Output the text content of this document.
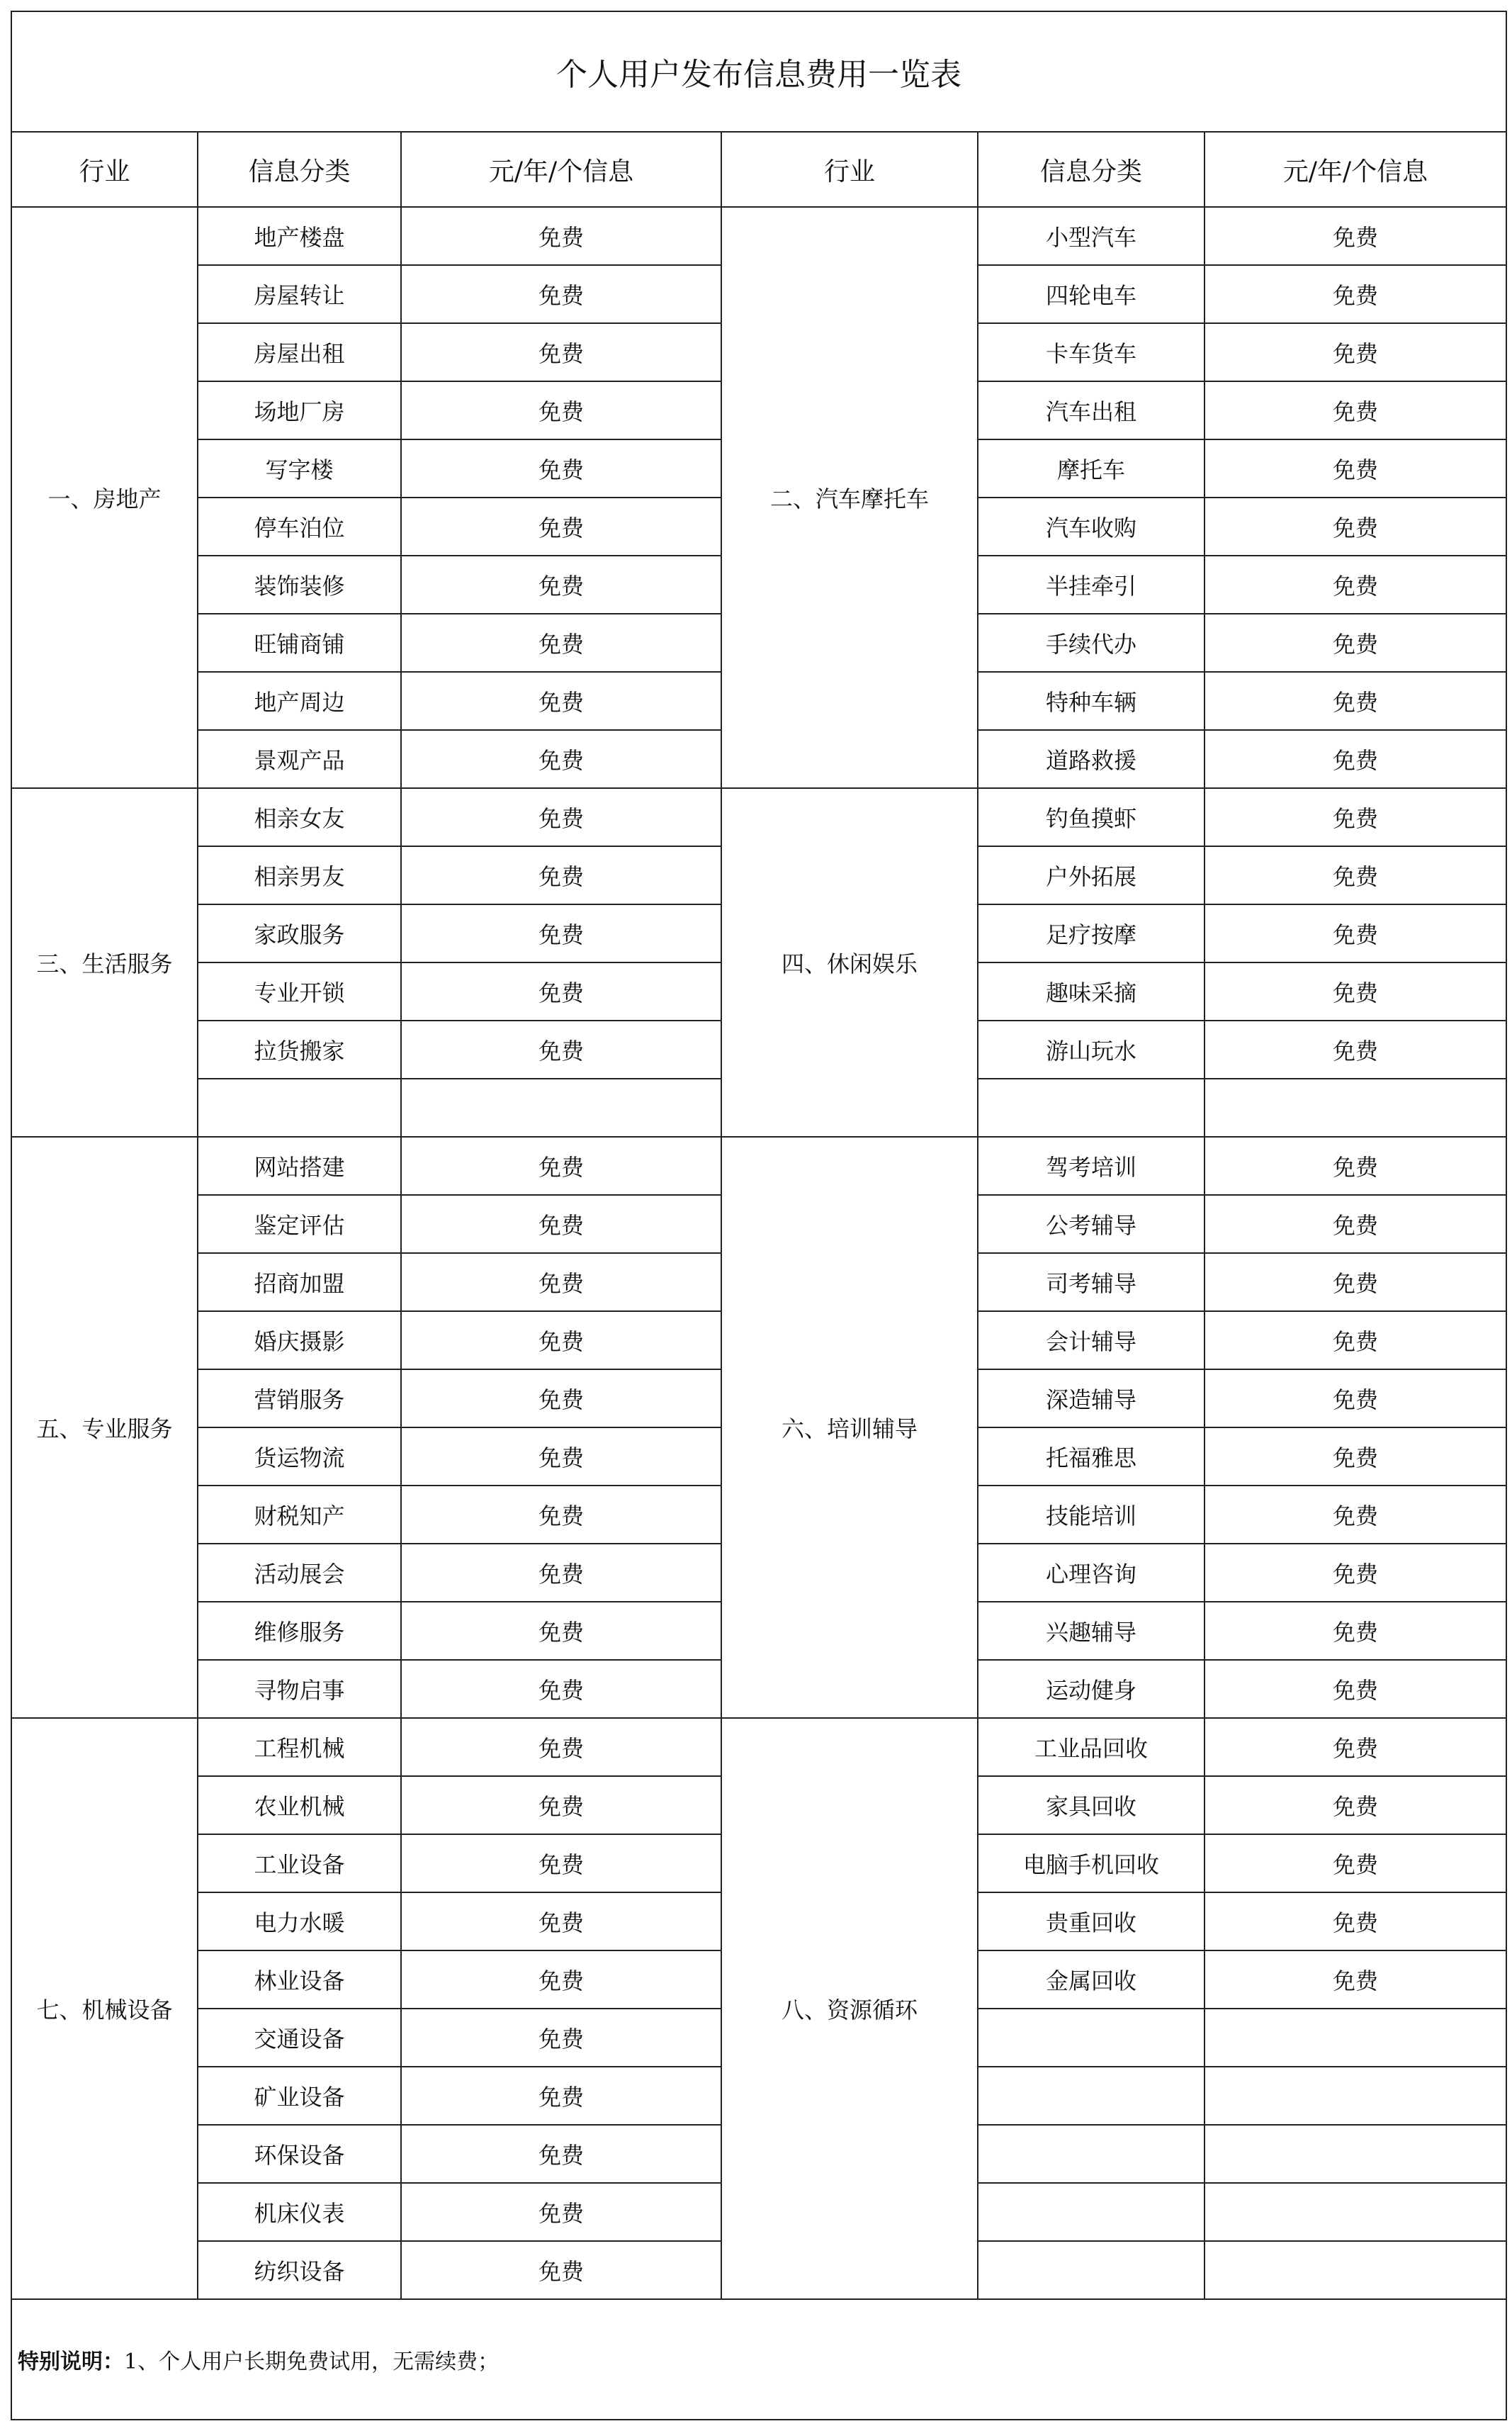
个人用户发布信息费用一览表					
行业	信息分类	元/年/个信息	行业	信息分类	元/年/个信息
一、房地产	地产楼盘	免费	二、汽车摩托车	小型汽车	免费
	房屋转让	免费		四轮电车	免费
	房屋出租	免费		卡车货车	免费
	场地厂房	免费		汽车出租	免费
	写字楼	免费		摩托车	免费
	停车泊位	免费		汽车收购	免费
	装饰装修	免费		半挂牵引	免费
	旺铺商铺	免费		手续代办	免费
	地产周边	免费		特种车辆	免费
	景观产品	免费		道路救援	免费
三、生活服务	相亲女友	免费	四、休闲娱乐	钓鱼摸虾	免费
	相亲男友	免费		户外拓展	免费
	家政服务	免费		足疗按摩	免费
	专业开锁	免费		趣味采摘	免费
	拉货搬家	免费		游山玩水	免费

五、专业服务	网站搭建	免费	六、培训辅导	驾考培训	免费
	鉴定评估	免费		公考辅导	免费
	招商加盟	免费		司考辅导	免费
	婚庆摄影	免费		会计辅导	免费
	营销服务	免费		深造辅导	免费
	货运物流	免费		托福雅思	免费
	财税知产	免费		技能培训	免费
	活动展会	免费		心理咨询	免费
	维修服务	免费		兴趣辅导	免费
	寻物启事	免费		运动健身	免费
七、机械设备	工程机械	免费	八、资源循环	工业品回收	免费
	农业机械	免费		家具回收	免费
	工业设备	免费		电脑手机回收	免费
	电力水暖	免费		贵重回收	免费
	林业设备	免费		金属回收	免费
	交通设备	免费			
	矿业设备	免费			
	环保设备	免费			
	机床仪表	免费			
	纺织设备	免费			
特别说明：1、个人用户长期免费试用，无需续费；					
